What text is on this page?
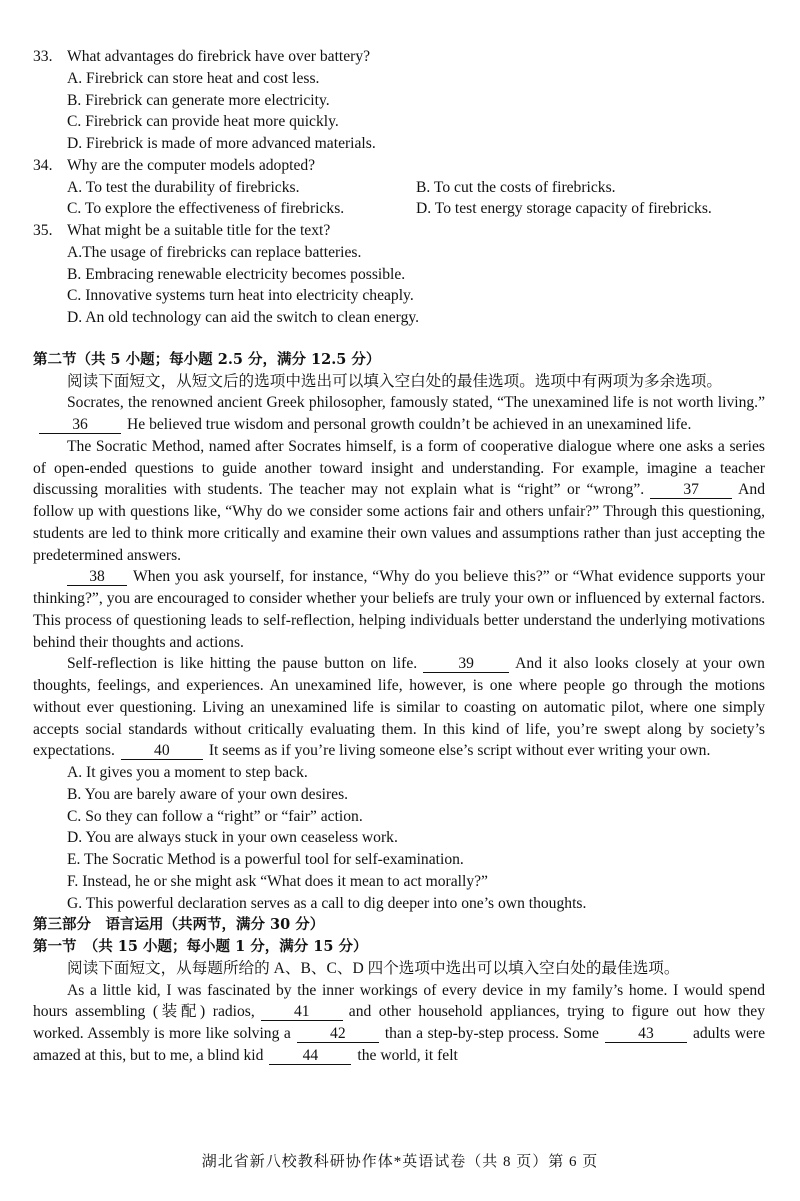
33. What advantages do firebrick have over battery?
A. Firebrick can store heat and cost less.
B. Firebrick can generate more electricity.
C. Firebrick can provide heat more quickly.
D. Firebrick is made of more advanced materials.
34. Why are the computer models adopted?
A. To test the durability of firebricks.	B. To cut the costs of firebricks.
C. To explore the effectiveness of firebricks.	D. To test energy storage capacity of firebricks.
35. What might be a suitable title for the text?
A.The usage of firebricks can replace batteries.
B. Embracing renewable electricity becomes possible.
C. Innovative systems turn heat into electricity cheaply.
D. An old technology can aid the switch to clean energy.
第二节（共 5 小题；每小题 2.5 分，满分 12.5 分）
阅读下面短文，从短文后的选项中选出可以填入空白处的最佳选项。选项中有两项为多余选项。
Socrates, the renowned ancient Greek philosopher, famously stated, “The unexamined life is not worth living.”36	He believed true wisdom and personal growth couldn’t be achieved in an unexamined life.
The Socratic Method, named after Socrates himself, is a form of cooperative dialogue where one asks a series of open-ended questions to guide another toward insight and understanding. For example, imagine a teacher discussing moralities with students. The teacher may not explain what is “right” or “wrong”.	37	And follow up with questions like, “Why do we consider some actions fair and others unfair?” Through this questioning, students are led to think more critically and examine their own values and assumptions rather than just accepting the predetermined answers.
38 When you ask yourself, for instance, “Why do you believe this?” or “What evidence supports your thinking?”, you are encouraged to consider whether your beliefs are truly your own or influenced by external factors. This process of questioning leads to self-reflection, helping individuals better understand the underlying motivations behind their thoughts and actions.
Self-reflection is like hitting the pause button on life.	39	And it also looks closely at your own thoughts, feelings, and experiences. An unexamined life, however, is one where people go through the motions without ever questioning. Living an unexamined life is similar to coasting on automatic pilot, where one simply accepts social standards without critically evaluating them. In this kind of life, you’re swept along by society’s expectations.	40	It seems as if you’re living someone else’s script without ever writing your own.
A. It gives you a moment to step back.
B. You are barely aware of your own desires.
C. So they can follow a “right” or “fair” action.
D. You are always stuck in your own ceaseless work.
E. The Socratic Method is a powerful tool for self-examination.
F. Instead, he or she might ask “What does it mean to act morally?”
G. This powerful declaration serves as a call to dig deeper into one’s own thoughts.
第三部分　语言运用（共两节，满分 30 分）
第一节　（共 15 小题；每小题 1 分，满分 15 分）
阅读下面短文，从每题所给的 A、B、C、D 四个选项中选出可以填入空白处的最佳选项。
As a little kid, I was fascinated by the inner workings of every device in my family’s home. I would spend hours assembling (装配) radios,	41	and other household appliances, trying to figure out how they worked. Assembly is more like solving a	42	than a step-by-step process. Some	43	adults were amazed at this, but to me, a blind kid	44	the world, it felt
湖北省新八校教科研协作体*英语试卷（共 8 页）第 6 页
